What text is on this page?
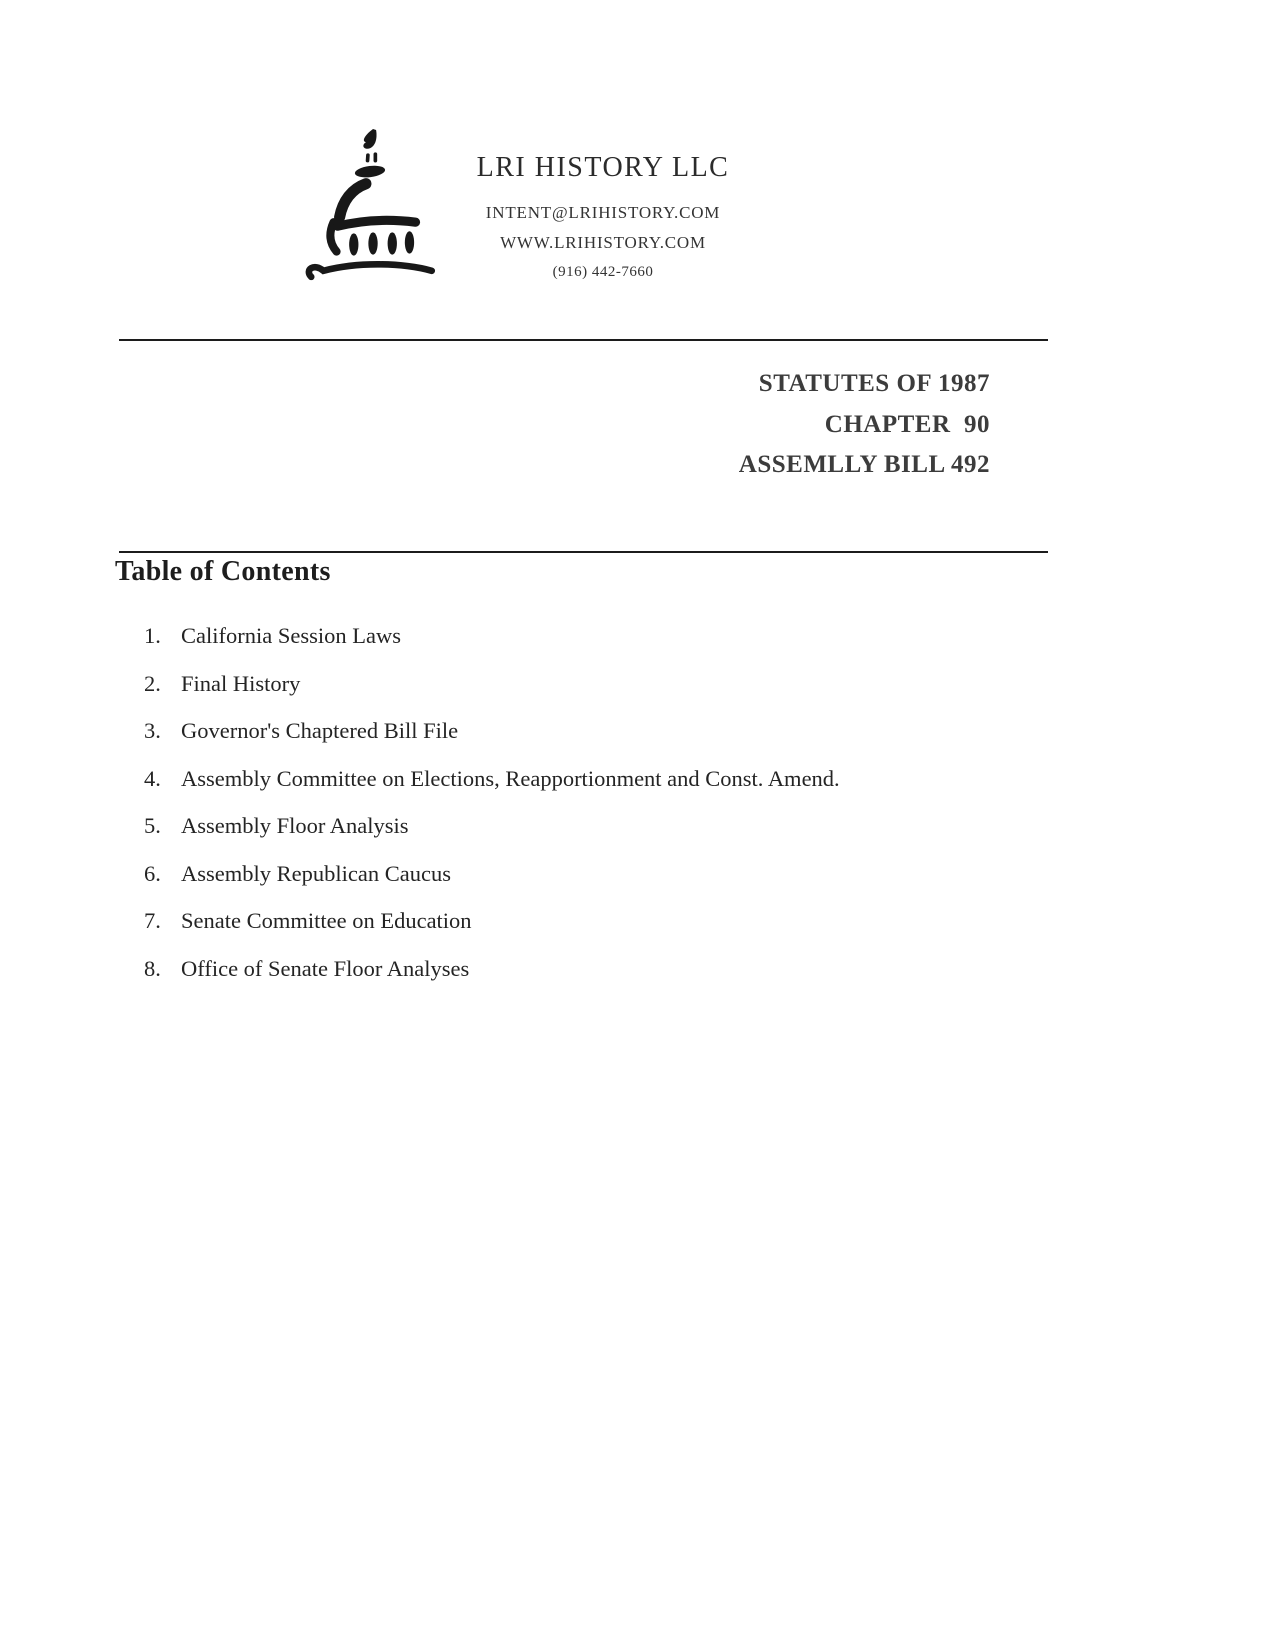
LRI HISTORY LLC
INTENT@LRIHISTORY.COM
WWW.LRIHISTORY.COM
(916) 442-7660
STATUTES OF 1987
CHAPTER  90
ASSEMLLY BILL 492
Table of Contents
1. California Session Laws
2. Final History
3. Governor's Chaptered Bill File
4. Assembly Committee on Elections, Reapportionment and Const. Amend.
5. Assembly Floor Analysis
6. Assembly Republican Caucus
7. Senate Committee on Education
8. Office of Senate Floor Analyses
